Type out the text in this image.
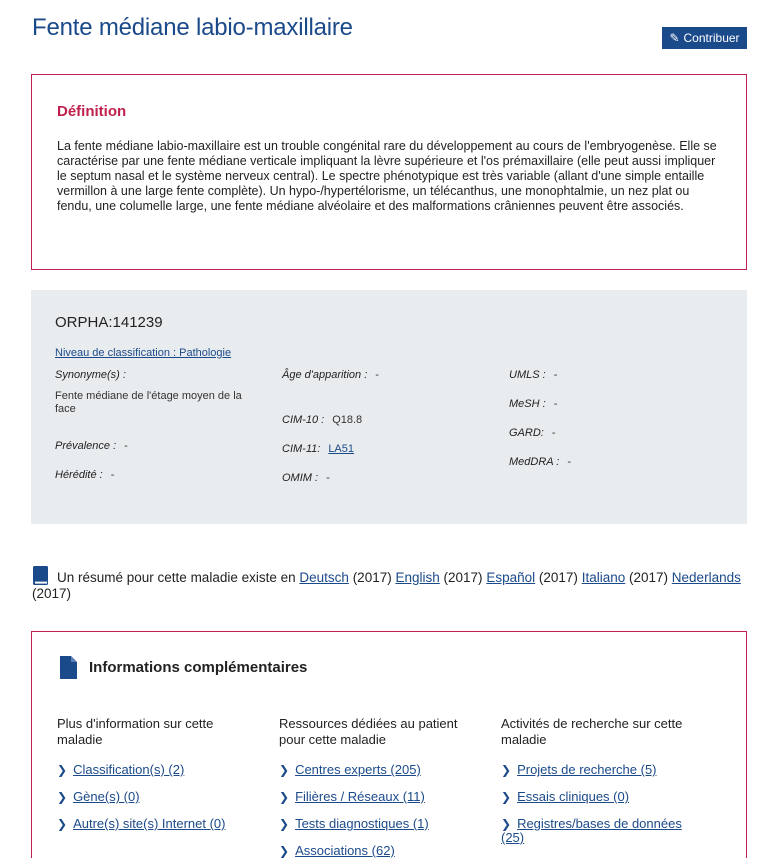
Fente médiane labio-maxillaire	✎ Contribuer
Définition

La fente médiane labio-maxillaire est un trouble congénital rare du développement au cours de l'embryogenèse. Elle se caractérise par une fente médiane verticale impliquant la lèvre supérieure et l'os prémaxillaire (elle peut aussi impliquer le septum nasal et le système nerveux central). Le spectre phénotypique est très variable (allant d'une simple entaille vermillon à une large fente complète). Un hypo-/hypertélorisme, un télécanthus, une monophtalmie, un nez plat ou fendu, une columelle large, une fente médiane alvéolaire et des malformations crâniennes peuvent être associés.

ORPHA:141239
Niveau de classification : Pathologie
Synonyme(s) :
Fente médiane de l'étage moyen de la face
Prévalence : -
Hérédité : -
Âge d'apparition : -
CIM-10 : Q18.8
CIM-11: LA51
OMIM : -
UMLS : -
MeSH : -
GARD: -
MedDRA : -
Un résumé pour cette maladie existe en Deutsch (2017) English (2017) Español (2017) Italiano (2017) Nederlands (2017)
Informations complémentaires
Plus d'information sur cette maladie
❯ Classification(s) (2)
❯ Gène(s) (0)
❯ Autre(s) site(s) Internet (0)
Ressources dédiées au patient pour cette maladie
❯ Centres experts (205)
❯ Filières / Réseaux (11)
❯ Tests diagnostiques (1)
❯ Associations (62)
Activités de recherche sur cette maladie
❯ Projets de recherche (5)
❯ Essais cliniques (0)
❯ Registres/bases de données (25)
